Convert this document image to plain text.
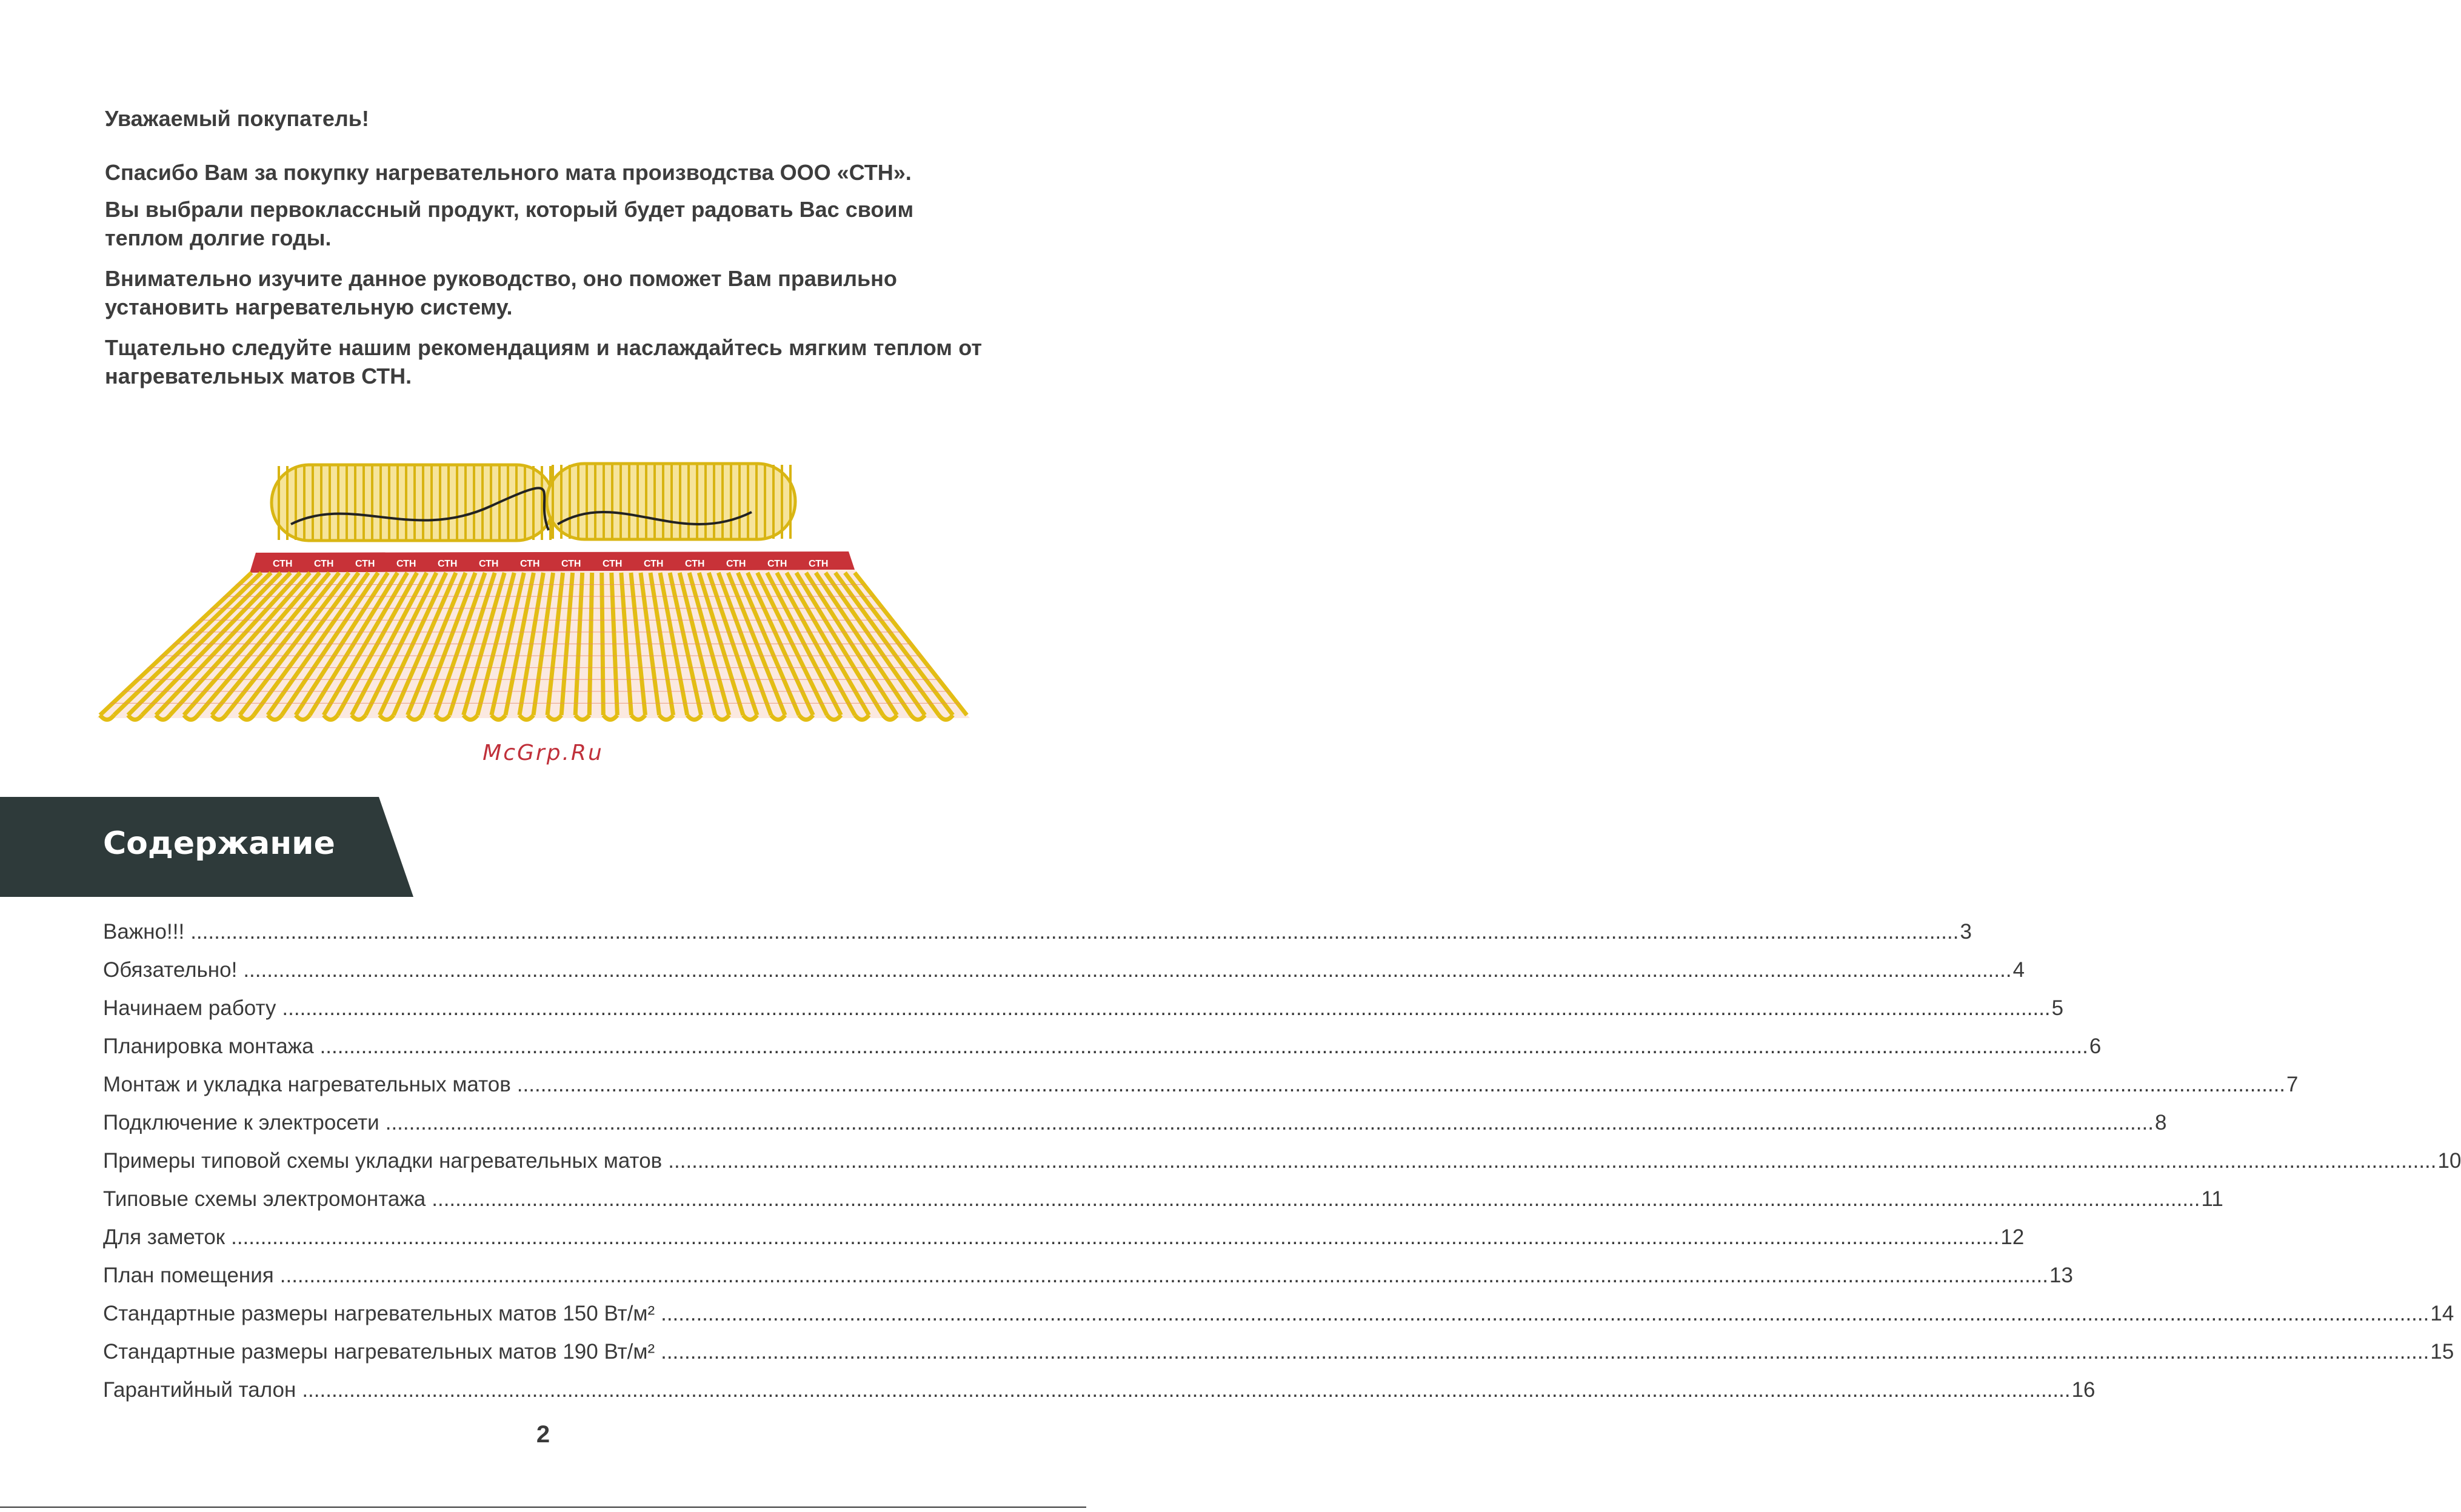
Уважаемый покупатель!

Спасибо Вам за покупку нагревательного мата производства ООО «СТН».

Вы выбрали первоклассный продукт, который будет радовать Вас своим теплом долгие годы.

Внимательно изучите данное руководство, оно поможет Вам правильно установить нагревательную систему.

Тщательно следуйте нашим рекомендациям и наслаждайтесь мягким теплом от нагревательных матов СТН.

СТН СТН СТН СТН СТН СТН СТН СТН СТН СТН СТН СТН СТН СТН
McGrp.Ru
Содержание
Важно!!! ............................................................................................................................................................................................................................................................................................................ 3
Обязательно! ............................................................................................................................................................................................................................................................................................................ 4
Начинаем работу ............................................................................................................................................................................................................................................................................................................ 5
Планировка монтажа ............................................................................................................................................................................................................................................................................................................ 6
Монтаж и укладка нагревательных матов ............................................................................................................................................................................................................................................................................................................ 7
Подключение к электросети ............................................................................................................................................................................................................................................................................................................ 8
Примеры типовой схемы укладки нагревательных матов ............................................................................................................................................................................................................................................................................................................ 10
Типовые схемы электромонтажа ............................................................................................................................................................................................................................................................................................................ 11
Для заметок ............................................................................................................................................................................................................................................................................................................ 12
План помещения ............................................................................................................................................................................................................................................................................................................ 13
Стандартные размеры нагревательных матов 150 Вт/м² ............................................................................................................................................................................................................................................................................................................ 14
Стандартные размеры нагревательных матов 190 Вт/м² ............................................................................................................................................................................................................................................................................................................ 15
Гарантийный талон ............................................................................................................................................................................................................................................................................................................ 16
2
